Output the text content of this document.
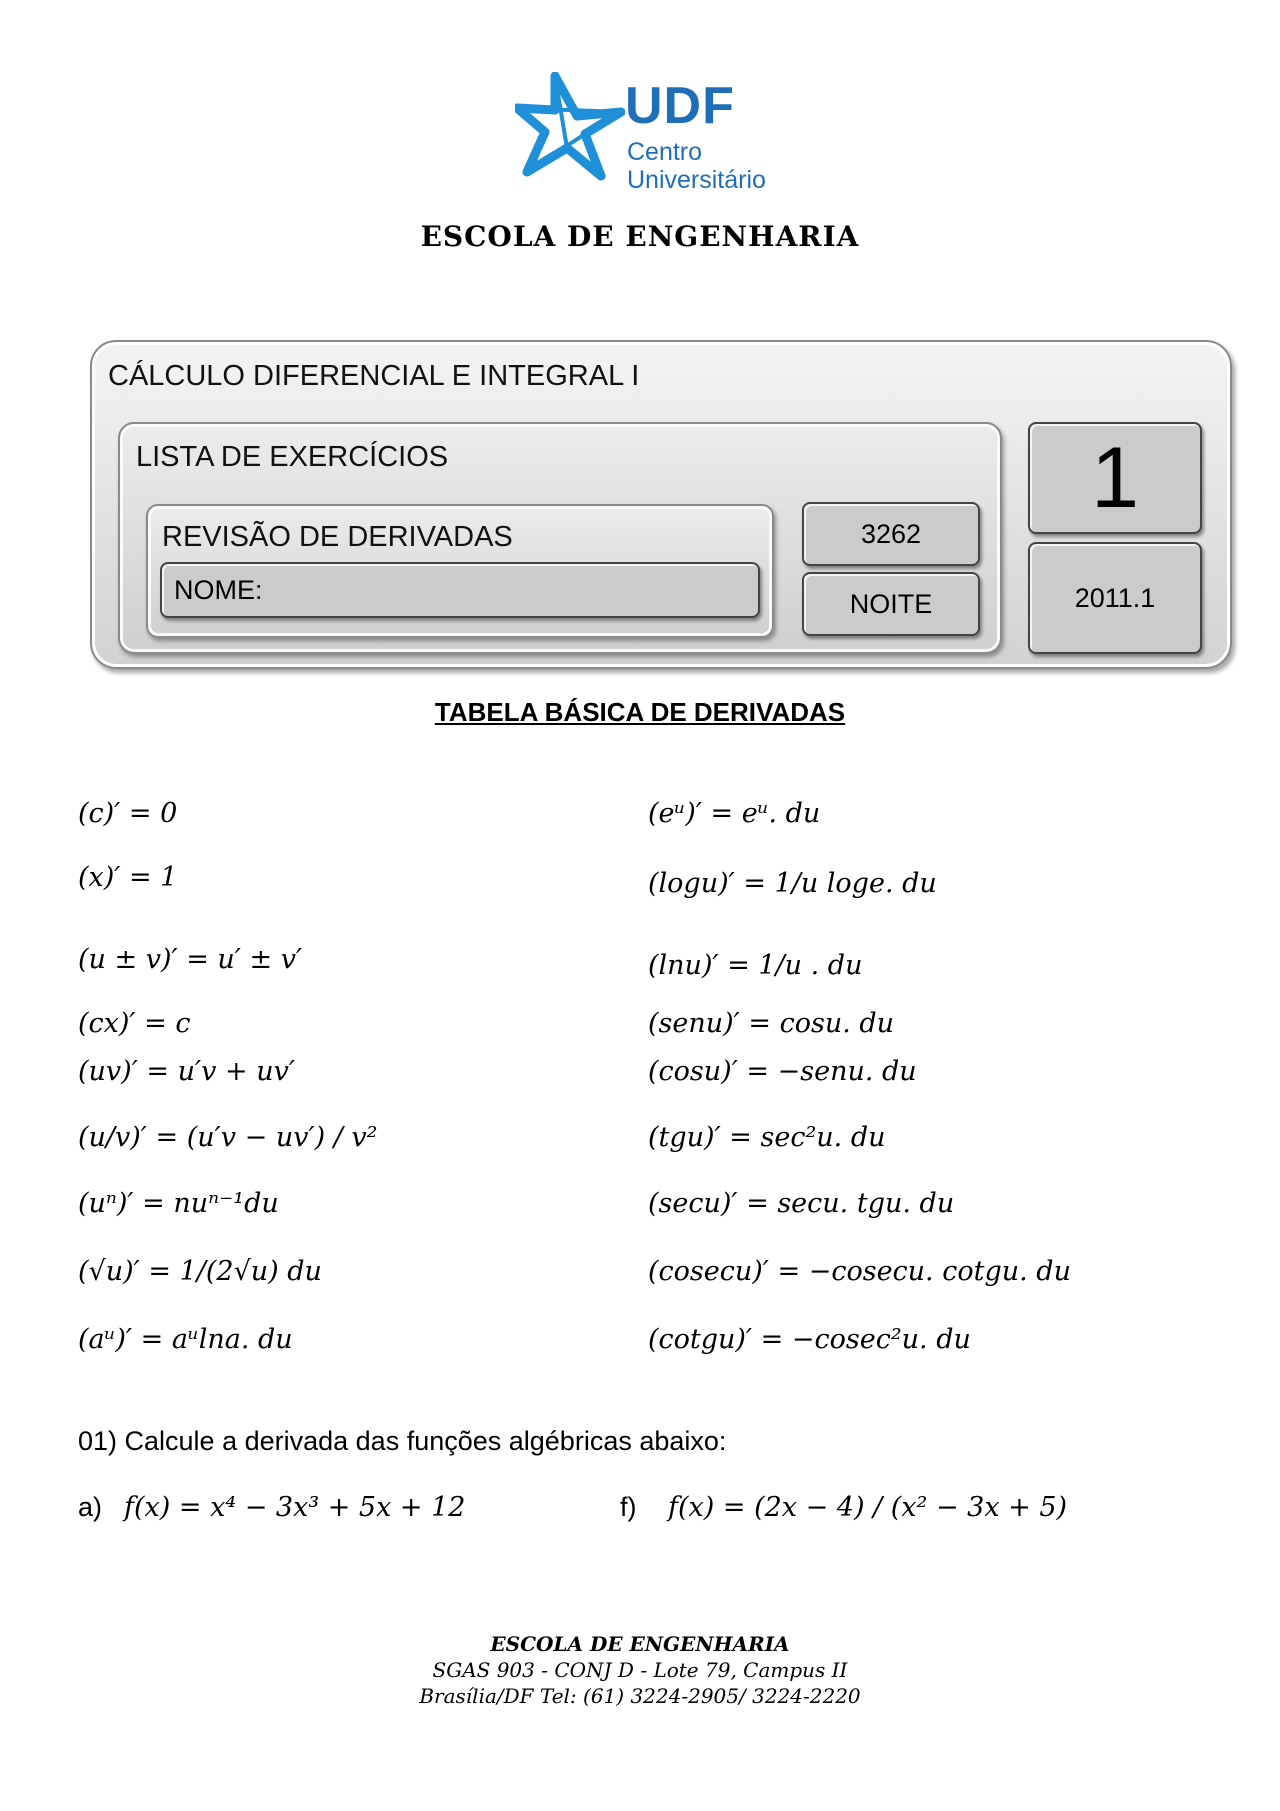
UDF
Centro
Universitário
ESCOLA DE ENGENHARIA
CÁLCULO DIFERENCIAL E INTEGRAL I
LISTA DE EXERCÍCIOS
REVISÃO DE DERIVADAS
NOME:
3262
NOITE
1
2011.1
TABELA BÁSICA DE DERIVADAS
(c)′ = 0
(x)′ = 1
(u ± v)′ = u′ ± v′
(cx)′ = c
(uv)′ = u′v + uv′
(u/v)′ = (u′v − uv′) / v²
(uⁿ)′ = nuⁿ⁻¹du
(√u)′ = 1/(2√u) du
(aᵘ)′ = aᵘlna. du
(eᵘ)′ = eᵘ. du
(logu)′ = 1/u loge. du
(lnu)′ = 1/u . du
(senu)′ = cosu. du
(cosu)′ = −senu. du
(tgu)′ = sec²u. du
(secu)′ = secu. tgu. du
(cosecu)′ = −cosecu. cotgu. du
(cotgu)′ = −cosec²u. du
01) Calcule a derivada das funções algébricas abaixo:
a) f(x) = x⁴ − 3x³ + 5x + 12	f) f(x) = (2x − 4) / (x² − 3x + 5)
ESCOLA DE ENGENHARIA
SGAS 903 - CONJ D - Lote 79, Campus II
Brasília/DF Tel: (61) 3224-2905/ 3224-2220
